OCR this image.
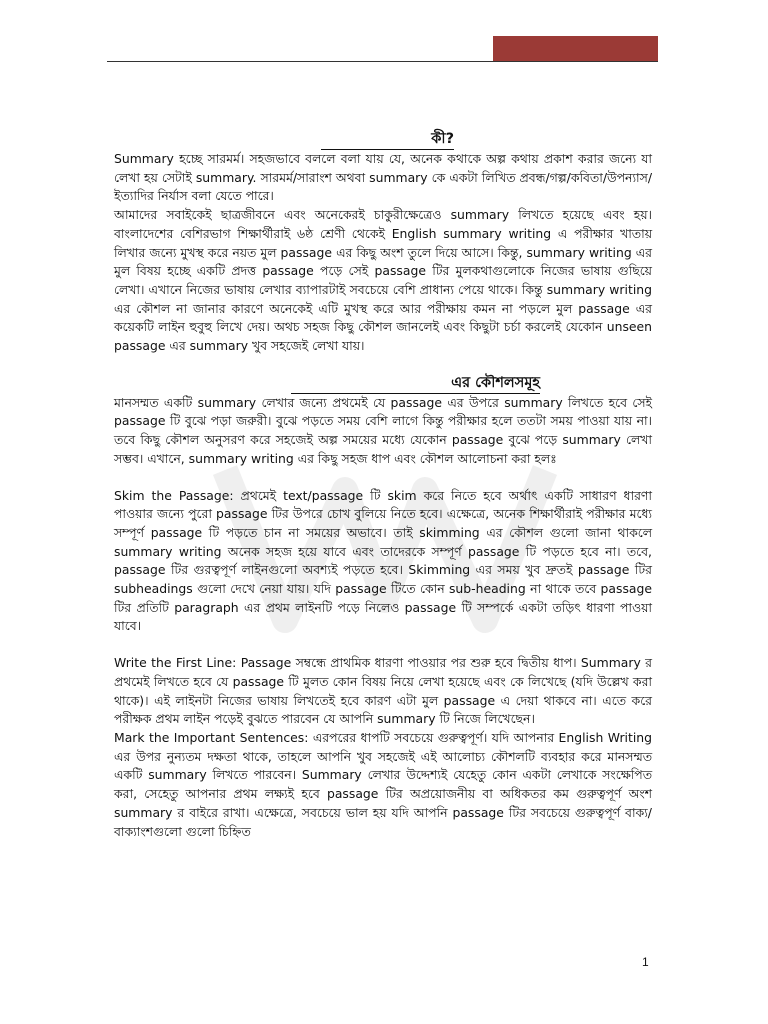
কী?

Summary হচ্ছে সারমর্ম। সহজভাবে বললে বলা যায় যে, অনেক কথাকে অল্প কথায় প্রকাশ করার জন্যে যা লেখা হয় সেটাই summary. সারমর্ম/সারাংশ অথবা summary কে একটা লিখিত প্রবন্ধ/গল্প/কবিতা/উপন্যাস/ইত্যাদির নির্যাস বলা যেতে পারে।

আমাদের সবাইকেই ছাত্রজীবনে এবং অনেকেরই চাকুরীক্ষেত্রেও summary লিখতে হয়েছে এবং হয়। বাংলাদেশের বেশিরভাগ শিক্ষার্থীরাই ৬ষ্ঠ শ্রেণী থেকেই English summary writing এ পরীক্ষার খাতায় লিখার জন্যে মুখস্থ করে নয়ত মুল passage এর কিছু অংশ তুলে দিয়ে আসে। কিন্তু, summary writing এর মুল বিষয় হচ্ছে একটি প্রদত্ত passage পড়ে সেই passage টির মুলকথাগুলোকে নিজের ভাষায় গুছিয়ে লেখা। এখানে নিজের ভাষায় লেখার ব্যাপারটাই সবচেয়ে বেশি প্রাধান্য পেয়ে থাকে। কিন্তু summary writing এর কৌশল না জানার কারণে অনেকেই এটি মুখস্থ করে আর পরীক্ষায় কমন না পড়লে মুল passage এর কয়েকটি লাইন হুবুহু লিখে দেয়। অথচ সহজ কিছু কৌশল জানলেই এবং কিছুটা চর্চা করলেই যেকোন unseen passage এর summary খুব সহজেই লেখা যায়।

এর কৌশলসমূহ

মানসম্মত একটি summary লেখার জন্যে প্রথমেই যে passage এর উপরে summary লিখতে হবে সেই passage টি বুঝে পড়া জরুরী। বুঝে পড়তে সময় বেশি লাগে কিন্তু পরীক্ষার হলে ততটা সময় পাওয়া যায় না। তবে কিছু কৌশল অনুসরণ করে সহজেই অল্প সময়ের মধ্যে যেকোন passage বুঝে পড়ে summary লেখা সম্ভব। এখানে, summary writing এর কিছু সহজ ধাপ এবং কৌশল আলোচনা করা হলঃ

Skim the Passage: প্রথমেই text/passage টি skim করে নিতে হবে অর্থাৎ একটি সাধারণ ধারণা পাওয়ার জন্যে পুরো passage টির উপরে চোখ বুলিয়ে নিতে হবে। এক্ষেত্রে, অনেক শিক্ষার্থীরাই পরীক্ষার মধ্যে সম্পূর্ণ passage টি পড়তে চান না সময়ের অভাবে। তাই skimming এর কৌশল গুলো জানা থাকলে summary writing অনেক সহজ হয়ে যাবে এবং তাদেরকে সম্পূর্ণ passage টি পড়তে হবে না। তবে, passage টির গুরত্বপূর্ণ লাইনগুলো অবশ্যই পড়তে হবে। Skimming এর সময় খুব দ্রুতই passage টির subheadings গুলো দেখে নেয়া যায়। যদি passage টিতে কোন sub-heading না থাকে তবে passage টির প্রতিটি paragraph এর প্রথম লাইনটি পড়ে নিলেও passage টি সম্পর্কে একটা তড়িৎ ধারণা পাওয়া যাবে।

Write the First Line: Passage সম্বন্ধে প্রাথমিক ধারণা পাওয়ার পর শুরু হবে দ্বিতীয় ধাপ। Summary র প্রথমেই লিখতে হবে যে passage টি মুলত কোন বিষয় নিয়ে লেখা হয়েছে এবং কে লিখেছে (যদি উল্লেখ করা থাকে)। এই লাইনটা নিজের ভাষায় লিখতেই হবে কারণ এটা মুল passage এ দেয়া থাকবে না। এতে করে পরীক্ষক প্রথম লাইন পড়েই বুঝতে পারবেন যে আপনি summary টি নিজে লিখেছেন।

Mark the Important Sentences: এরপরের ধাপটি সবচেয়ে গুরুত্বপূর্ণ। যদি আপনার English Writing এর উপর নুন্যতম দক্ষতা থাকে, তাহলে আপনি খুব সহজেই এই আলোচ্য কৌশলটি ব্যবহার করে মানসম্মত একটি summary লিখতে পারবেন। Summary লেখার উদ্দেশ্যই যেহেতু কোন একটা লেখাকে সংক্ষেপিত করা, সেহেতু আপনার প্রথম লক্ষ্যই হবে passage টির অপ্রয়োজনীয় বা অধিকতর কম গুরুত্বপূর্ণ অংশ summary র বাইরে রাখা। এক্ষেত্রে, সবচেয়ে ভাল হয় যদি আপনি passage টির সবচেয়ে গুরুত্বপূর্ণ বাক্য/বাক্যাংশগুলো গুলো চিহ্নিত

1
